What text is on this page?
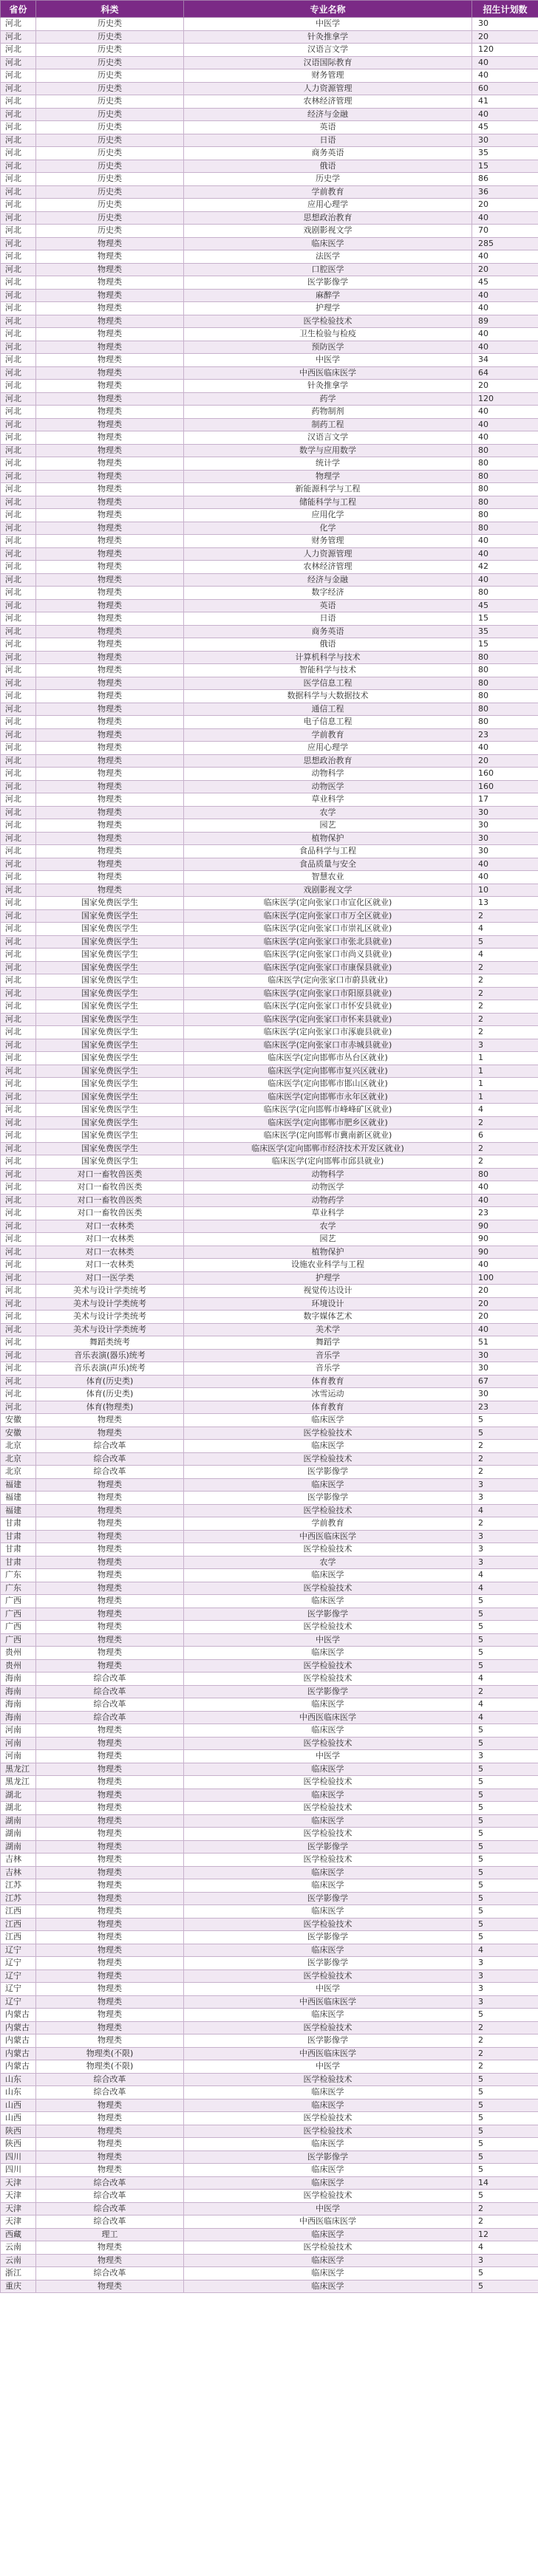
省份	科类	专业名称	招生计划数
河北	历史类	中医学	30
河北	历史类	针灸推拿学	20
河北	历史类	汉语言文学	120
河北	历史类	汉语国际教育	40
河北	历史类	财务管理	40
河北	历史类	人力资源管理	60
河北	历史类	农林经济管理	41
河北	历史类	经济与金融	40
河北	历史类	英语	45
河北	历史类	日语	30
河北	历史类	商务英语	35
河北	历史类	俄语	15
河北	历史类	历史学	86
河北	历史类	学前教育	36
河北	历史类	应用心理学	20
河北	历史类	思想政治教育	40
河北	历史类	戏剧影视文学	70
河北	物理类	临床医学	285
河北	物理类	法医学	40
河北	物理类	口腔医学	20
河北	物理类	医学影像学	45
河北	物理类	麻醉学	40
河北	物理类	护理学	40
河北	物理类	医学检验技术	89
河北	物理类	卫生检验与检疫	40
河北	物理类	预防医学	40
河北	物理类	中医学	34
河北	物理类	中西医临床医学	64
河北	物理类	针灸推拿学	20
河北	物理类	药学	120
河北	物理类	药物制剂	40
河北	物理类	制药工程	40
河北	物理类	汉语言文学	40
河北	物理类	数学与应用数学	80
河北	物理类	统计学	80
河北	物理类	物理学	80
河北	物理类	新能源科学与工程	80
河北	物理类	储能科学与工程	80
河北	物理类	应用化学	80
河北	物理类	化学	80
河北	物理类	财务管理	40
河北	物理类	人力资源管理	40
河北	物理类	农林经济管理	42
河北	物理类	经济与金融	40
河北	物理类	数字经济	80
河北	物理类	英语	45
河北	物理类	日语	15
河北	物理类	商务英语	35
河北	物理类	俄语	15
河北	物理类	计算机科学与技术	80
河北	物理类	智能科学与技术	80
河北	物理类	医学信息工程	80
河北	物理类	数据科学与大数据技术	80
河北	物理类	通信工程	80
河北	物理类	电子信息工程	80
河北	物理类	学前教育	23
河北	物理类	应用心理学	40
河北	物理类	思想政治教育	20
河北	物理类	动物科学	160
河北	物理类	动物医学	160
河北	物理类	草业科学	17
河北	物理类	农学	30
河北	物理类	园艺	30
河北	物理类	植物保护	30
河北	物理类	食品科学与工程	30
河北	物理类	食品质量与安全	40
河北	物理类	智慧农业	40
河北	物理类	戏剧影视文学	10
河北	国家免费医学生	临床医学(定向张家口市宣化区就业)	13
河北	国家免费医学生	临床医学(定向张家口市万全区就业)	2
河北	国家免费医学生	临床医学(定向张家口市崇礼区就业)	4
河北	国家免费医学生	临床医学(定向张家口市张北县就业)	5
河北	国家免费医学生	临床医学(定向张家口市尚义县就业)	4
河北	国家免费医学生	临床医学(定向张家口市康保县就业)	2
河北	国家免费医学生	临床医学(定向张家口市蔚县就业)	2
河北	国家免费医学生	临床医学(定向张家口市阳原县就业)	2
河北	国家免费医学生	临床医学(定向张家口市怀安县就业)	2
河北	国家免费医学生	临床医学(定向张家口市怀来县就业)	2
河北	国家免费医学生	临床医学(定向张家口市涿鹿县就业)	2
河北	国家免费医学生	临床医学(定向张家口市赤城县就业)	3
河北	国家免费医学生	临床医学(定向邯郸市丛台区就业)	1
河北	国家免费医学生	临床医学(定向邯郸市复兴区就业)	1
河北	国家免费医学生	临床医学(定向邯郸市邯山区就业)	1
河北	国家免费医学生	临床医学(定向邯郸市永年区就业)	1
河北	国家免费医学生	临床医学(定向邯郸市峰峰矿区就业)	4
河北	国家免费医学生	临床医学(定向邯郸市肥乡区就业)	2
河北	国家免费医学生	临床医学(定向邯郸市冀南新区就业)	6
河北	国家免费医学生	临床医学(定向邯郸市经济技术开发区就业)	2
河北	国家免费医学生	临床医学(定向邯郸市邱县就业)	2
河北	对口一畜牧兽医类	动物科学	80
河北	对口一畜牧兽医类	动物医学	40
河北	对口一畜牧兽医类	动物药学	40
河北	对口一畜牧兽医类	草业科学	23
河北	对口一农林类	农学	90
河北	对口一农林类	园艺	90
河北	对口一农林类	植物保护	90
河北	对口一农林类	设施农业科学与工程	40
河北	对口一医学类	护理学	100
河北	美术与设计学类统考	视觉传达设计	20
河北	美术与设计学类统考	环境设计	20
河北	美术与设计学类统考	数字媒体艺术	20
河北	美术与设计学类统考	美术学	40
河北	舞蹈类统考	舞蹈学	51
河北	音乐表演(器乐)统考	音乐学	30
河北	音乐表演(声乐)统考	音乐学	30
河北	体育(历史类)	体育教育	67
河北	体育(历史类)	冰雪运动	30
河北	体育(物理类)	体育教育	23
安徽	物理类	临床医学	5
安徽	物理类	医学检验技术	5
北京	综合改革	临床医学	2
北京	综合改革	医学检验技术	2
北京	综合改革	医学影像学	2
福建	物理类	临床医学	3
福建	物理类	医学影像学	3
福建	物理类	医学检验技术	4
甘肃	物理类	学前教育	2
甘肃	物理类	中西医临床医学	3
甘肃	物理类	医学检验技术	3
甘肃	物理类	农学	3
广东	物理类	临床医学	4
广东	物理类	医学检验技术	4
广西	物理类	临床医学	5
广西	物理类	医学影像学	5
广西	物理类	医学检验技术	5
广西	物理类	中医学	5
贵州	物理类	临床医学	5
贵州	物理类	医学检验技术	5
海南	综合改革	医学检验技术	4
海南	综合改革	医学影像学	2
海南	综合改革	临床医学	4
海南	综合改革	中西医临床医学	4
河南	物理类	临床医学	5
河南	物理类	医学检验技术	5
河南	物理类	中医学	3
黑龙江	物理类	临床医学	5
黑龙江	物理类	医学检验技术	5
湖北	物理类	临床医学	5
湖北	物理类	医学检验技术	5
湖南	物理类	临床医学	5
湖南	物理类	医学检验技术	5
湖南	物理类	医学影像学	5
吉林	物理类	医学检验技术	5
吉林	物理类	临床医学	5
江苏	物理类	临床医学	5
江苏	物理类	医学影像学	5
江西	物理类	临床医学	5
江西	物理类	医学检验技术	5
江西	物理类	医学影像学	5
辽宁	物理类	临床医学	4
辽宁	物理类	医学影像学	3
辽宁	物理类	医学检验技术	3
辽宁	物理类	中医学	3
辽宁	物理类	中西医临床医学	3
内蒙古	物理类	临床医学	5
内蒙古	物理类	医学检验技术	2
内蒙古	物理类	医学影像学	2
内蒙古	物理类(不限)	中西医临床医学	2
内蒙古	物理类(不限)	中医学	2
山东	综合改革	医学检验技术	5
山东	综合改革	临床医学	5
山西	物理类	临床医学	5
山西	物理类	医学检验技术	5
陕西	物理类	医学检验技术	5
陕西	物理类	临床医学	5
四川	物理类	医学影像学	5
四川	物理类	临床医学	5
天津	综合改革	临床医学	14
天津	综合改革	医学检验技术	5
天津	综合改革	中医学	2
天津	综合改革	中西医临床医学	2
西藏	理工	临床医学	12
云南	物理类	医学检验技术	4
云南	物理类	临床医学	3
浙江	综合改革	临床医学	5
重庆	物理类	临床医学	5
